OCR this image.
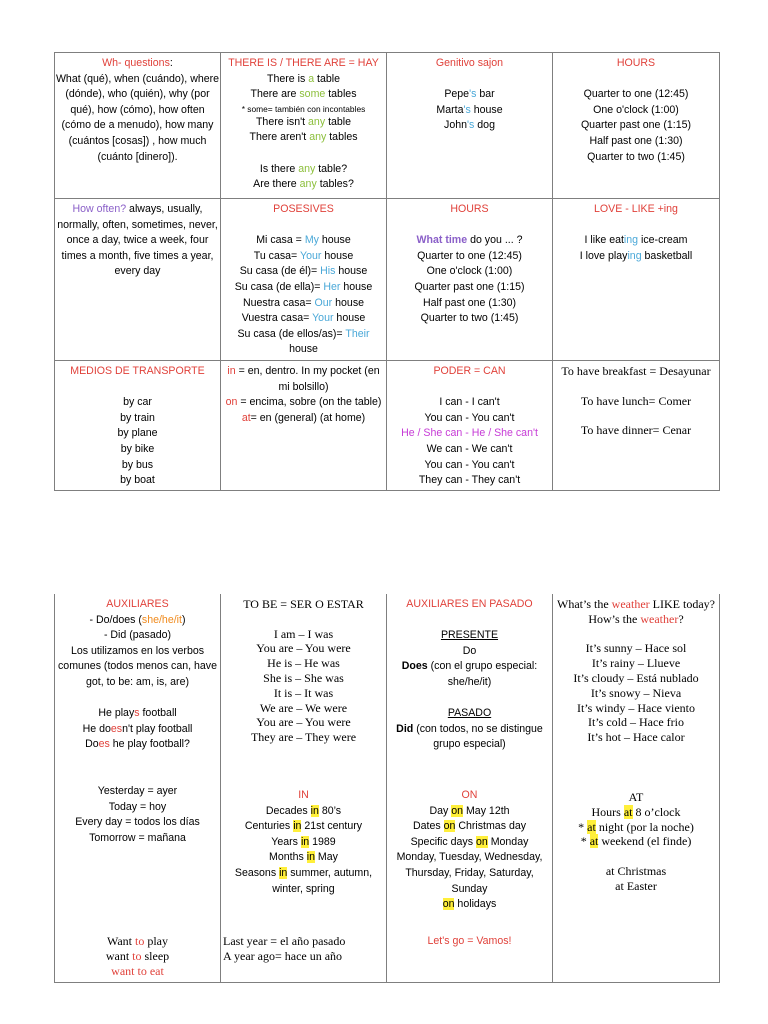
Wh- questions:
What (qué), when (cuándo), where (dónde), who (quién), why (por qué), how (cómo), how often (cómo de a menudo), how many (cuántos [cosas]) , how much (cuánto [dinero]).
THERE IS / THERE ARE = HAY
There is a table
There are some tables
* some= también con incontables
There isn't any table
There aren't any tables
Is there any table?
Are there any tables?
Genitivo sajon
Pepe's bar
Marta's house
John's dog
HOURS
Quarter to one (12:45)
One o'clock (1:00)
Quarter past one (1:15)
Half past one (1:30)
Quarter to two (1:45)
How often? always, usually, normally, often, sometimes, never, once a day, twice a week, four times a month, five times a year, every day
POSESIVES
Mi casa = My house
Tu casa= Your house
Su casa (de él)= His house
Su casa (de ella)= Her house
Nuestra casa= Our house
Vuestra casa= Your house
Su casa (de ellos/as)= Their
house
HOURS
What time do you ... ?
Quarter to one (12:45)
One o'clock (1:00)
Quarter past one (1:15)
Half past one (1:30)
Quarter to two (1:45)
LOVE - LIKE +ing
I like eating ice-cream
I love playing basketball
MEDIOS DE TRANSPORTE
by car
by train
by plane
by bike
by bus
by boat
in = en, dentro. In my pocket (en mi bolsillo)
on = encima, sobre (on the table)
at= en (general) (at home)
PODER = CAN
I can - I can't
You can - You can't
He / She can - He / She can't
We can - We can't
You can - You can't
They can - They can't
To have breakfast = Desayunar
To have lunch= Comer
To have dinner= Cenar
AUXILIARES
- Do/does (she/he/it)
- Did (pasado)
Los utilizamos en los verbos comunes (todos menos can, have got, to be: am, is, are)
He plays football
He doesn't play football
Does he play football?
Yesterday = ayer
Today = hoy
Every day = todos los días
Tomorrow = mañana
Want to play
want to sleep
want to eat
TO BE = SER O ESTAR
I am – I was
You are – You were
He is – He was
She is – She was
It is – It was
We are – We were
You are – You were
They are – They were
IN
Decades in 80’s
Centuries in 21st century
Years in 1989
Months in May
Seasons in summer, autumn, winter, spring
Last year = el año pasado
A year ago= hace un año
AUXILIARES EN PASADO
PRESENTE
Do
Does (con el grupo especial: she/he/it)
PASADO
Did (con todos, no se distingue grupo especial)
ON
Day on May 12th
Dates on Christmas day
Specific days on Monday
Monday, Tuesday, Wednesday, Thursday, Friday, Saturday, Sunday
on holidays
Let's go = Vamos!
What’s the weather LIKE today?
How’s the weather?
It’s sunny – Hace sol
It’s rainy – Llueve
It’s cloudy – Está nublado
It’s snowy – Nieva
It’s windy – Hace viento
It’s cold – Hace frio
It’s hot – Hace calor
AT
Hours at 8 o’clock
* at night (por la noche)
* at weekend (el finde)
at Christmas
at Easter
